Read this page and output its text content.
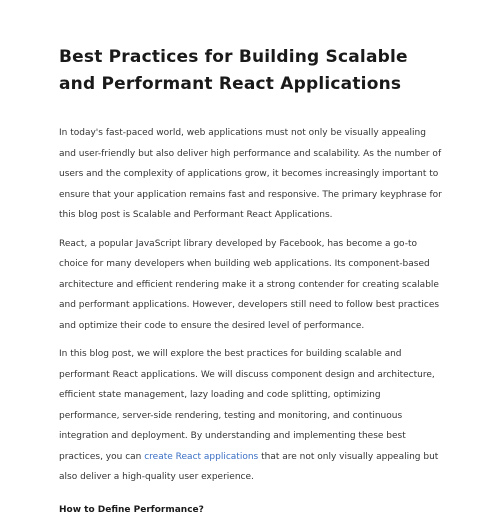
Best Practices for Building Scalable
and Performant React Applications

In today's fast-paced world, web applications must not only be visually appealing and user-friendly but also deliver high performance and scalability. As the number of users and the complexity of applications grow, it becomes increasingly important to ensure that your application remains fast and responsive. The primary keyphrase for this blog post is Scalable and Performant React Applications.

React, a popular JavaScript library developed by Facebook, has become a go-to choice for many developers when building web applications. Its component-based architecture and efficient rendering make it a strong contender for creating scalable and performant applications. However, developers still need to follow best practices and optimize their code to ensure the desired level of performance.

In this blog post, we will explore the best practices for building scalable and performant React applications. We will discuss component design and architecture, efficient state management, lazy loading and code splitting, optimizing performance, server-side rendering, testing and monitoring, and continuous integration and deployment. By understanding and implementing these best practices, you can create React applications that are not only visually appealing but also deliver a high-quality user experience.

How to Define Performance?
